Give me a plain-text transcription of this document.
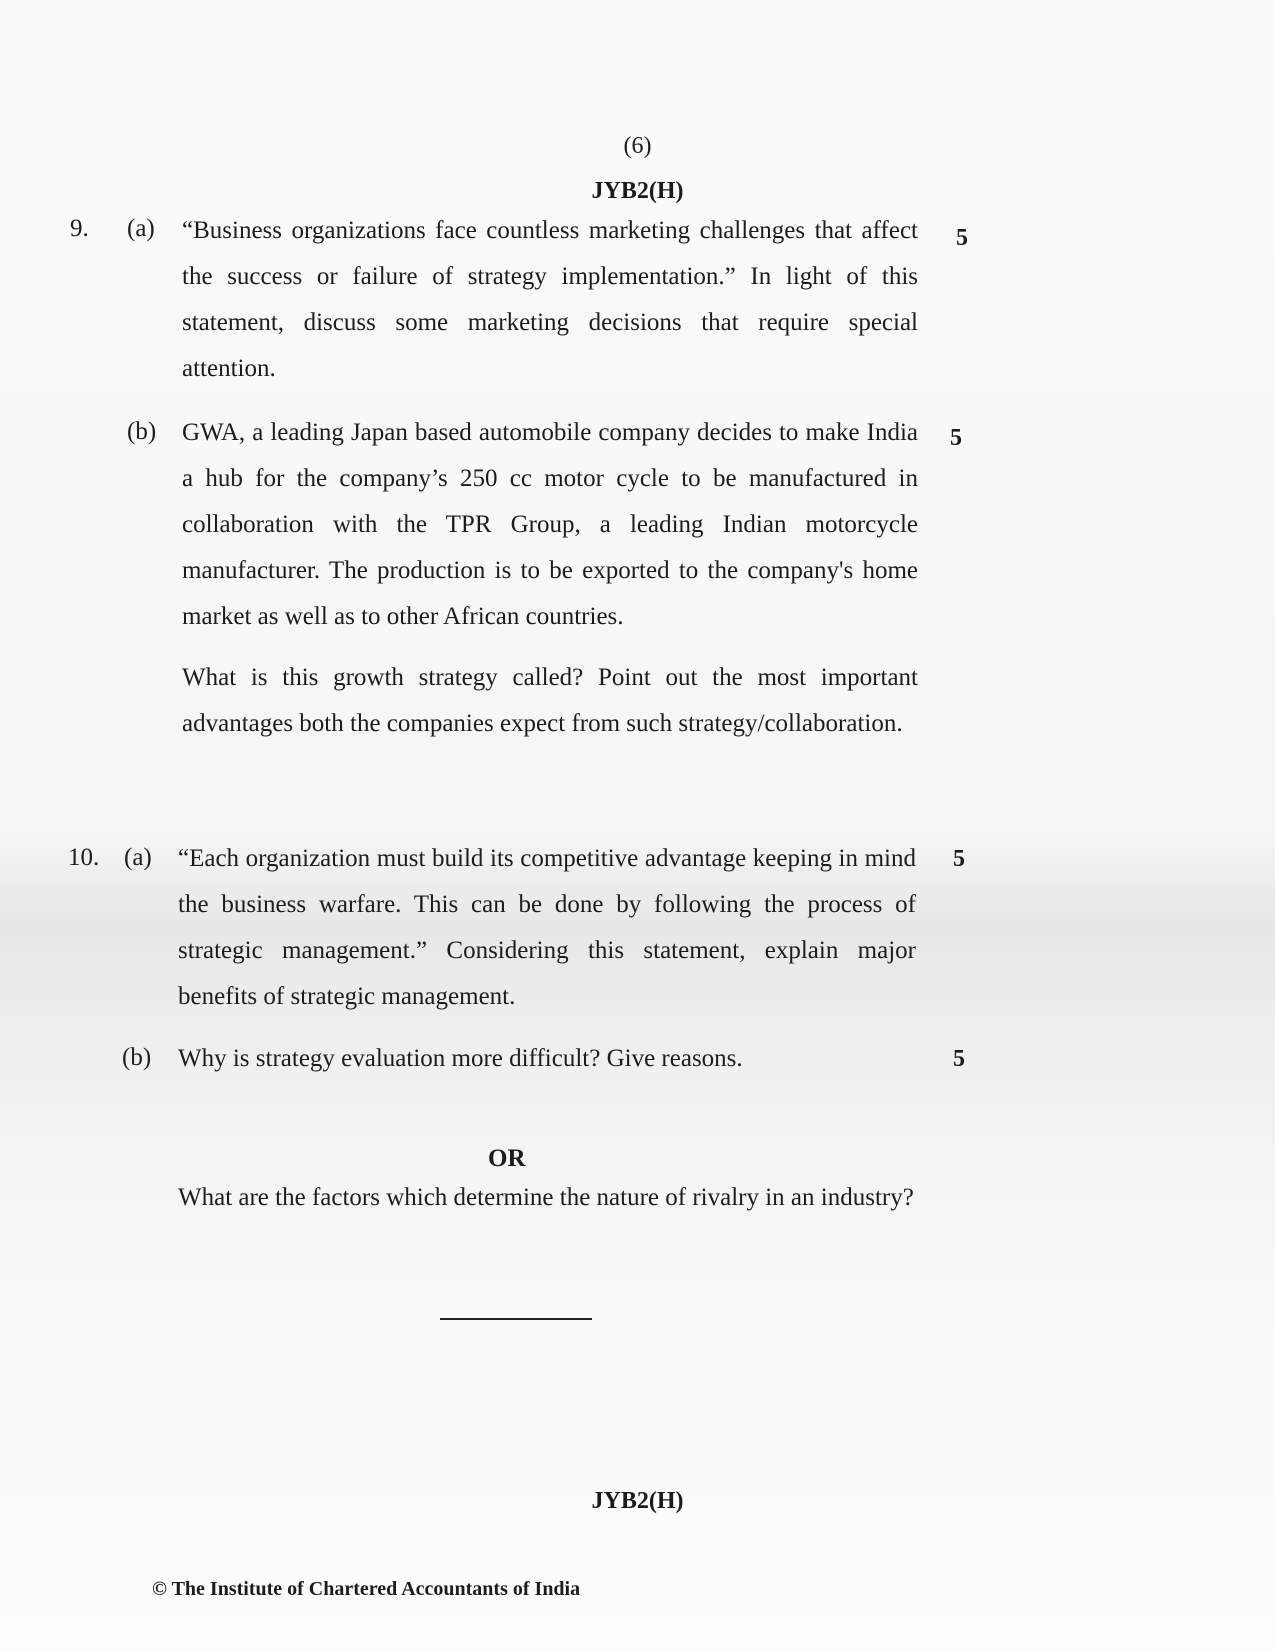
(6)
JYB2(H)
9. (a) “Business organizations face countless marketing challenges that affect the success or failure of strategy implementation.” In light of this statement, discuss some marketing decisions that require special attention.
5
(b) GWA, a leading Japan based automobile company decides to make India a hub for the company’s 250 cc motor cycle to be manufactured in collaboration with the TPR Group, a leading Indian motorcycle manufacturer. The production is to be exported to the company's home market as well as to other African countries.
What is this growth strategy called? Point out the most important advantages both the companies expect from such strategy/collaboration.
5
10. (a) “Each organization must build its competitive advantage keeping in mind the business warfare. This can be done by following the process of strategic management.” Considering this statement, explain major benefits of strategic management.
5
(b) Why is strategy evaluation more difficult? Give reasons.	5
OR
What are the factors which determine the nature of rivalry in an industry?
JYB2(H)
© The Institute of Chartered Accountants of India
